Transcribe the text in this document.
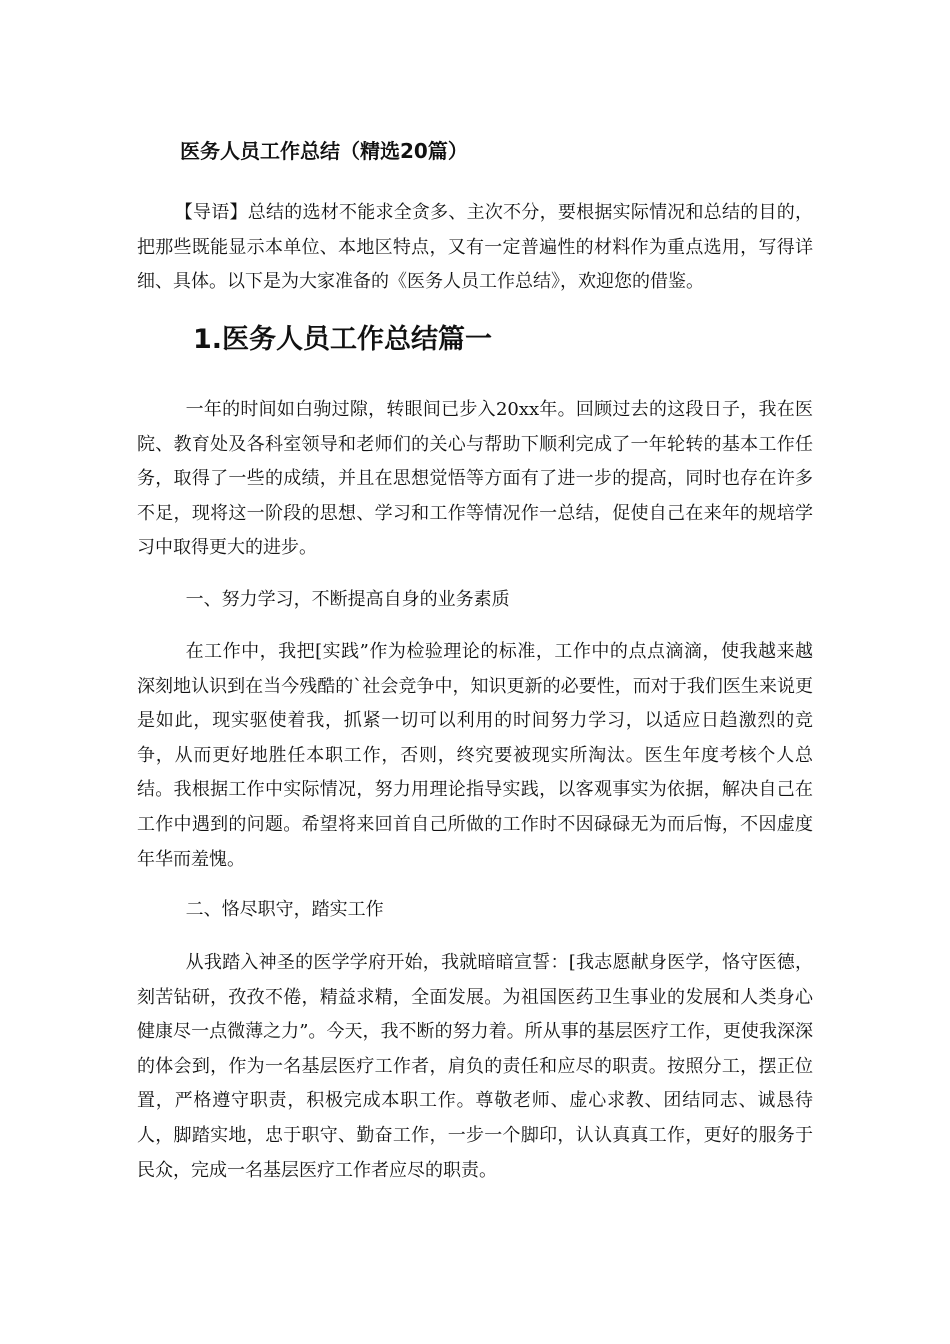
医务人员工作总结（精选20篇）

【导语】总结的选材不能求全贪多、主次不分，要根据实际情况和总结的目的，把那些既能显示本单位、本地区特点，又有一定普遍性的材料作为重点选用，写得详细、具体。以下是为大家准备的《医务人员工作总结》，欢迎您的借鉴。

1.医务人员工作总结篇一

一年的时间如白驹过隙，转眼间已步入20xx年。回顾过去的这段日子，我在医院、教育处及各科室领导和老师们的关心与帮助下顺利完成了一年轮转的基本工作任务，取得了一些的成绩，并且在思想觉悟等方面有了进一步的提高，同时也存在许多不足，现将这一阶段的思想、学习和工作等情况作一总结，促使自己在来年的规培学习中取得更大的进步。

一、努力学习，不断提高自身的业务素质

在工作中，我把[实践”作为检验理论的标准，工作中的点点滴滴，使我越来越深刻地认识到在当今残酷的`社会竞争中，知识更新的必要性，而对于我们医生来说更是如此，现实驱使着我，抓紧一切可以利用的时间努力学习，以适应日趋激烈的竞争，从而更好地胜任本职工作，否则，终究要被现实所淘汰。医生年度考核个人总结。我根据工作中实际情况，努力用理论指导实践，以客观事实为依据，解决自己在工作中遇到的问题。希望将来回首自己所做的工作时不因碌碌无为而后悔，不因虚度年华而羞愧。

二、恪尽职守，踏实工作

从我踏入神圣的医学学府开始，我就暗暗宣誓：[我志愿献身医学，恪守医德，刻苦钻研，孜孜不倦，精益求精，全面发展。为祖国医药卫生事业的发展和人类身心健康尽一点微薄之力”。今天，我不断的努力着。所从事的基层医疗工作，更使我深深的体会到，作为一名基层医疗工作者，肩负的责任和应尽的职责。按照分工，摆正位置，严格遵守职责，积极完成本职工作。尊敬老师、虚心求教、团结同志、诚恳待人，脚踏实地，忠于职守、勤奋工作，一步一个脚印，认认真真工作，更好的服务于民众，完成一名基层医疗工作者应尽的职责。
